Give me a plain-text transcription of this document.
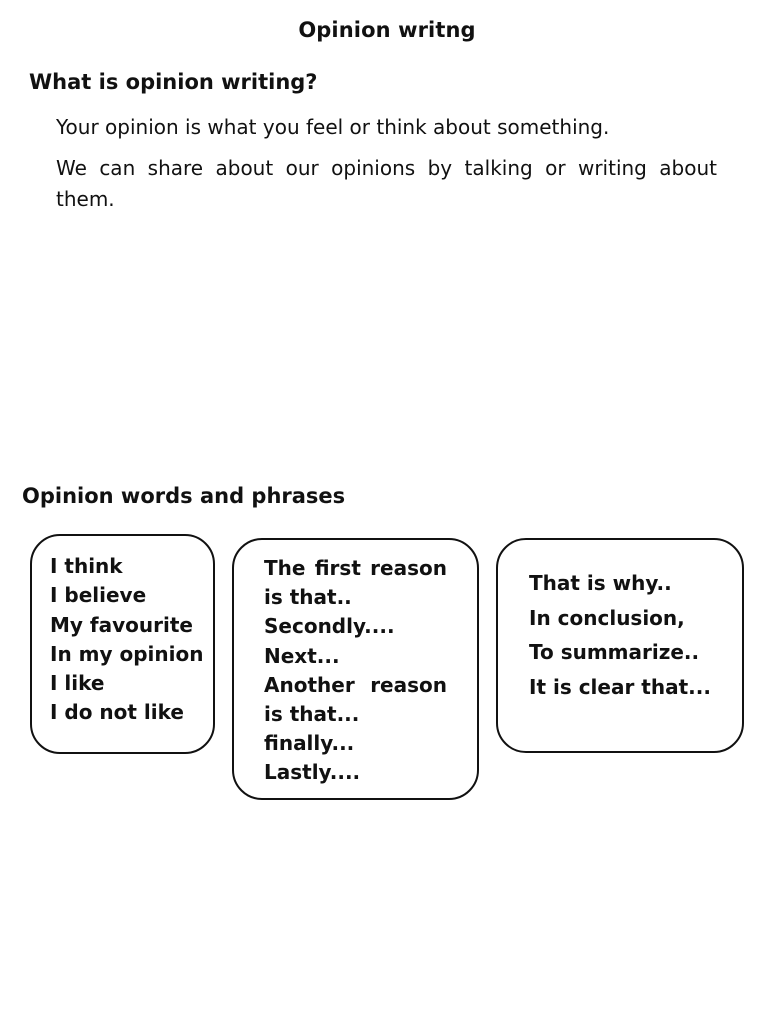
Opinion writng
What is opinion writing?
Your opinion is what you feel or think about something.
We can share about our opinions by talking or writing about them.
Opinion words and phrases
I think
I believe
My favourite
In my opinion
I like
I do not like
The first reason is that..
Secondly....
Next...
Another reason is that...
finally...
Lastly....
That is why..
In conclusion,
To summarize..
It is clear that...
